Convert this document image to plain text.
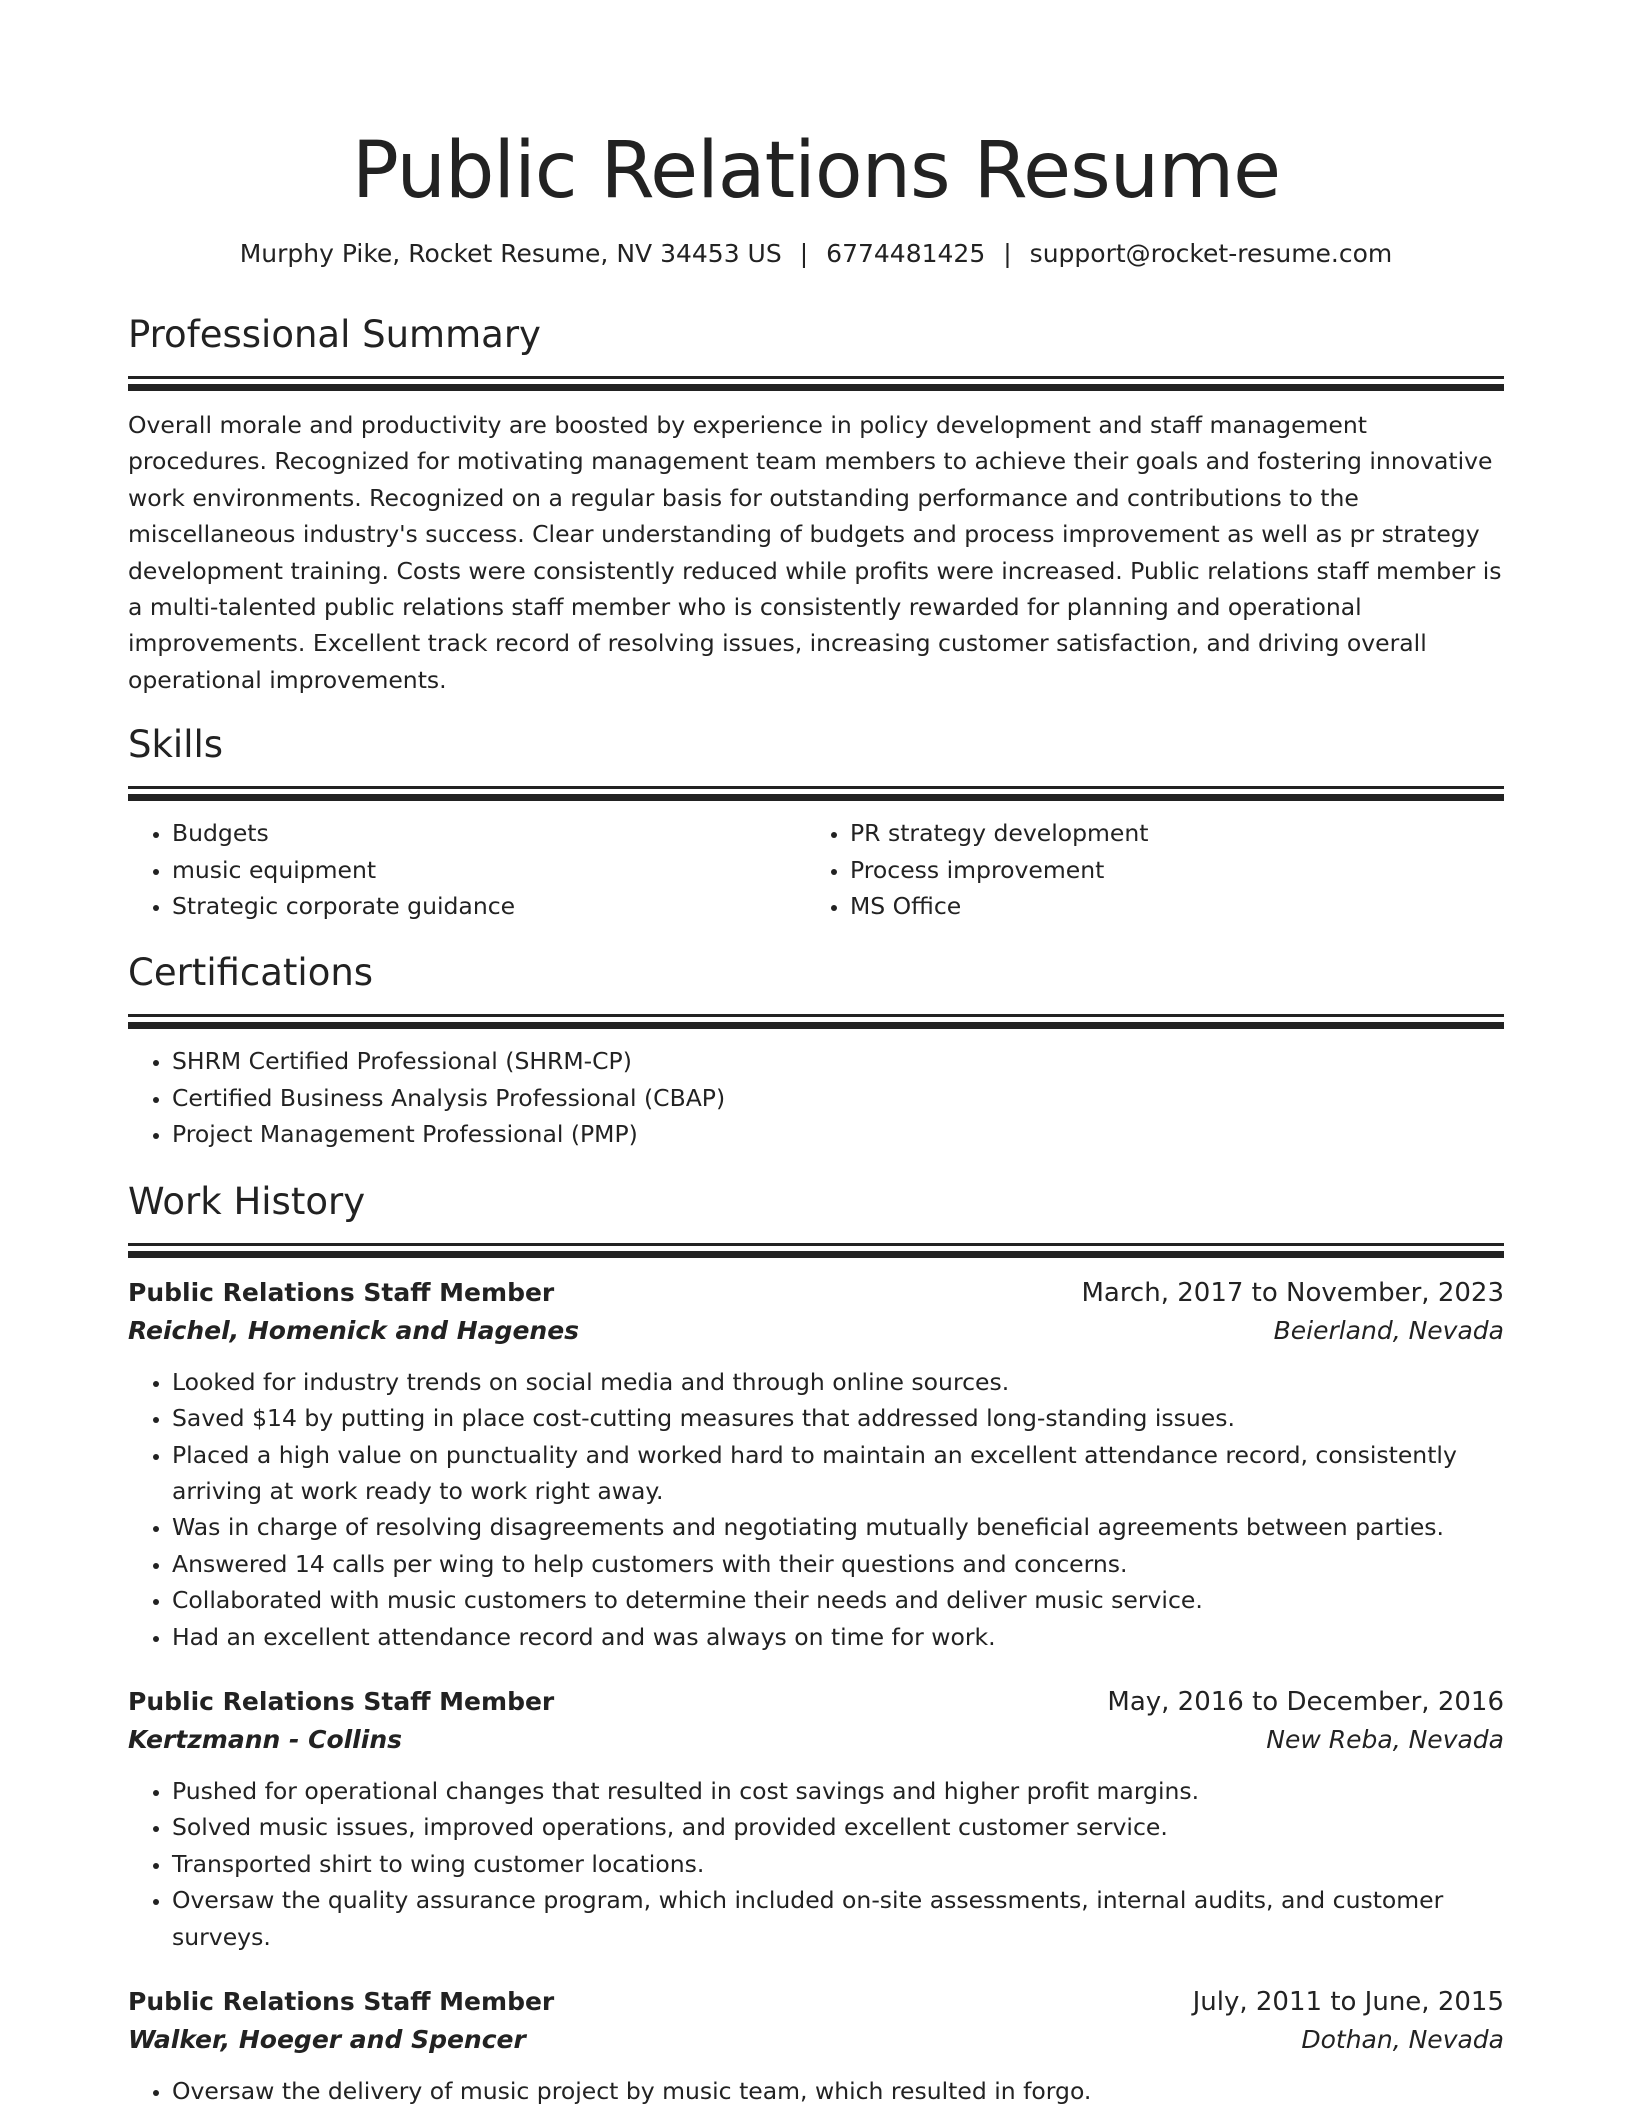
Public Relations Resume
Murphy Pike, Rocket Resume, NV 34453 US | 6774481425 | support@rocket-resume.com
Professional Summary

Overall morale and productivity are boosted by experience in policy development and staff management procedures. Recognized for motivating management team members to achieve their goals and fostering innovative work environments. Recognized on a regular basis for outstanding performance and contributions to the miscellaneous industry's success. Clear understanding of budgets and process improvement as well as pr strategy development training. Costs were consistently reduced while profits were increased. Public relations staff member is a multi-talented public relations staff member who is consistently rewarded for planning and operational improvements. Excellent track record of resolving issues, increasing customer satisfaction, and driving overall operational improvements.

Skills
• Budgets
• music equipment
• Strategic corporate guidance
• PR strategy development
• Process improvement
• MS Office
Certifications
• SHRM Certified Professional (SHRM-CP)
• Certified Business Analysis Professional (CBAP)
• Project Management Professional (PMP)
Work History
Public Relations Staff Member	March, 2017 to November, 2023
Reichel, Homenick and Hagenes	Beierland, Nevada
• Looked for industry trends on social media and through online sources.
• Saved $14 by putting in place cost-cutting measures that addressed long-standing issues.
• Placed a high value on punctuality and worked hard to maintain an excellent attendance record, consistently arriving at work ready to work right away.
• Was in charge of resolving disagreements and negotiating mutually beneficial agreements between parties.
• Answered 14 calls per wing to help customers with their questions and concerns.
• Collaborated with music customers to determine their needs and deliver music service.
• Had an excellent attendance record and was always on time for work.
Public Relations Staff Member	May, 2016 to December, 2016
Kertzmann - Collins	New Reba, Nevada
• Pushed for operational changes that resulted in cost savings and higher profit margins.
• Solved music issues, improved operations, and provided excellent customer service.
• Transported shirt to wing customer locations.
• Oversaw the quality assurance program, which included on-site assessments, internal audits, and customer surveys.
Public Relations Staff Member	July, 2011 to June, 2015
Walker, Hoeger and Spencer	Dothan, Nevada
• Oversaw the delivery of music project by music team, which resulted in forgo.
